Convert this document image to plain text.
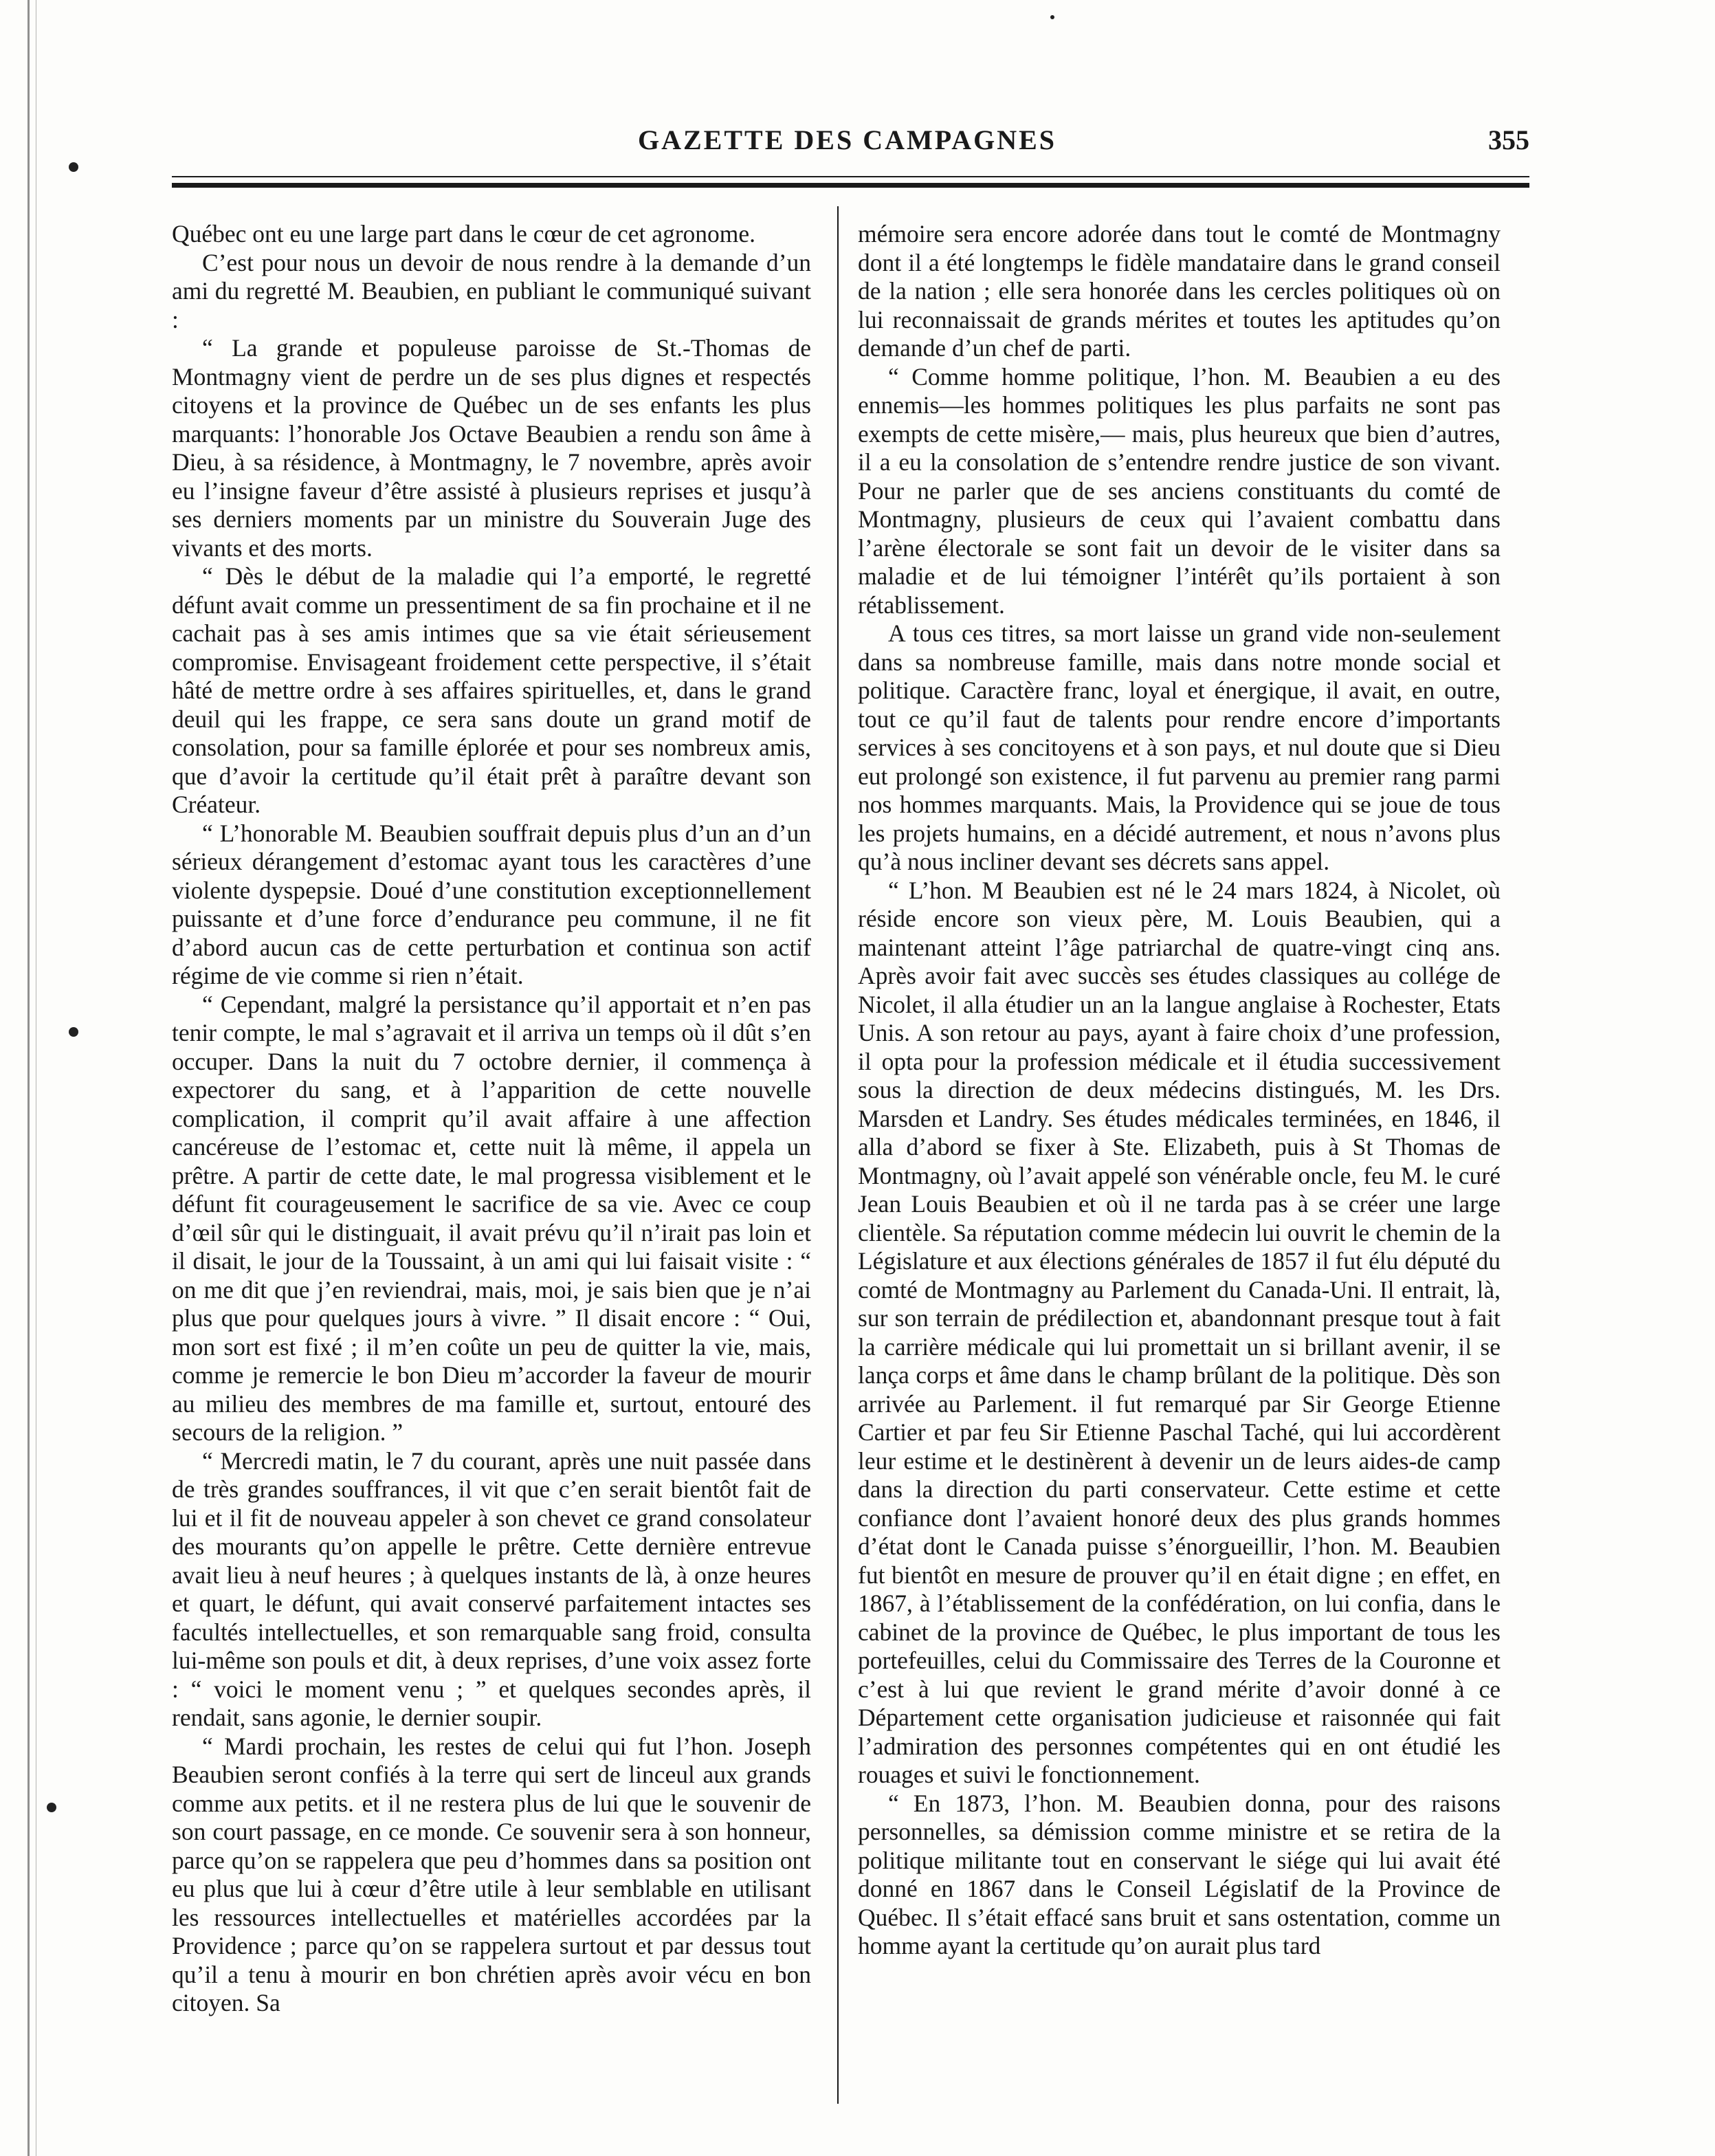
GAZETTE DES CAMPAGNES	355

Québec ont eu une large part dans le cœur de cet agronome.

C’est pour nous un devoir de nous rendre à la demande d’un ami du regretté M. Beaubien, en publiant le communiqué suivant :

“ La grande et populeuse paroisse de St.-Thomas de Montmagny vient de perdre un de ses plus dignes et respectés citoyens et la province de Québec un de ses enfants les plus marquants: l’honorable Jos Octave Beaubien a rendu son âme à Dieu, à sa résidence, à Montmagny, le 7 novembre, après avoir eu l’insigne faveur d’être assisté à plusieurs reprises et jusqu’à ses derniers moments par un ministre du Souverain Juge des vivants et des morts.

“ Dès le début de la maladie qui l’a emporté, le regretté défunt avait comme un pressentiment de sa fin prochaine et il ne cachait pas à ses amis intimes que sa vie était sérieusement compromise. Envisageant froidement cette perspective, il s’était hâté de mettre ordre à ses affaires spirituelles, et, dans le grand deuil qui les frappe, ce sera sans doute un grand motif de consolation, pour sa famille éplorée et pour ses nombreux amis, que d’avoir la certitude qu’il était prêt à paraître devant son Créateur.

“ L’honorable M. Beaubien souffrait depuis plus d’un an d’un sérieux dérangement d’estomac ayant tous les caractères d’une violente dyspepsie. Doué d’une constitution exceptionnellement puissante et d’une force d’endurance peu commune, il ne fit d’abord aucun cas de cette perturbation et continua son actif régime de vie comme si rien n’était.

“ Cependant, malgré la persistance qu’il apportait et n’en pas tenir compte, le mal s’agravait et il arriva un temps où il dût s’en occuper. Dans la nuit du 7 octobre dernier, il commença à expectorer du sang, et à l’apparition de cette nouvelle complication, il comprit qu’il avait affaire à une affection cancéreuse de l’estomac et, cette nuit là même, il appela un prêtre. A partir de cette date, le mal progressa visiblement et le défunt fit courageusement le sacrifice de sa vie. Avec ce coup d’œil sûr qui le distinguait, il avait prévu qu’il n’irait pas loin et il disait, le jour de la Toussaint, à un ami qui lui faisait visite : “ on me dit que j’en reviendrai, mais, moi, je sais bien que je n’ai plus que pour quelques jours à vivre. ” Il disait encore : “ Oui, mon sort est fixé ; il m’en coûte un peu de quitter la vie, mais, comme je remercie le bon Dieu m’accorder la faveur de mourir au milieu des membres de ma famille et, surtout, entouré des secours de la religion. ”

“ Mercredi matin, le 7 du courant, après une nuit passée dans de très grandes souffrances, il vit que c’en serait bientôt fait de lui et il fit de nouveau appeler à son chevet ce grand consolateur des mourants qu’on appelle le prêtre. Cette dernière entrevue avait lieu à neuf heures ; à quelques instants de là, à onze heures et quart, le défunt, qui avait conservé parfaitement intactes ses facultés intellectuelles, et son remarquable sang froid, consulta lui-même son pouls et dit, à deux reprises, d’une voix assez forte : “ voici le moment venu ; ” et quelques secondes après, il rendait, sans agonie, le dernier soupir.

“ Mardi prochain, les restes de celui qui fut l’hon. Joseph Beaubien seront confiés à la terre qui sert de linceul aux grands comme aux petits. et il ne restera plus de lui que le souvenir de son court passage, en ce monde. Ce souvenir sera à son honneur, parce qu’on se rappelera que peu d’hommes dans sa position ont eu plus que lui à cœur d’être utile à leur semblable en utilisant les ressources intellectuelles et matérielles accordées par la Providence ; parce qu’on se rappelera surtout et par dessus tout qu’il a tenu à mourir en bon chrétien après avoir vécu en bon citoyen. Sa

mémoire sera encore adorée dans tout le comté de Montmagny dont il a été longtemps le fidèle mandataire dans le grand conseil de la nation ; elle sera honorée dans les cercles politiques où on lui reconnaissait de grands mérites et toutes les aptitudes qu’on demande d’un chef de parti.

“ Comme homme politique, l’hon. M. Beaubien a eu des ennemis—les hommes politiques les plus parfaits ne sont pas exempts de cette misère,— mais, plus heureux que bien d’autres, il a eu la consolation de s’entendre rendre justice de son vivant. Pour ne parler que de ses anciens constituants du comté de Montmagny, plusieurs de ceux qui l’avaient combattu dans l’arène électorale se sont fait un devoir de le visiter dans sa maladie et de lui témoigner l’intérêt qu’ils portaient à son rétablissement.

A tous ces titres, sa mort laisse un grand vide non-seulement dans sa nombreuse famille, mais dans notre monde social et politique. Caractère franc, loyal et énergique, il avait, en outre, tout ce qu’il faut de talents pour rendre encore d’importants services à ses concitoyens et à son pays, et nul doute que si Dieu eut prolongé son existence, il fut parvenu au premier rang parmi nos hommes marquants. Mais, la Providence qui se joue de tous les projets humains, en a décidé autrement, et nous n’avons plus qu’à nous incliner devant ses décrets sans appel.

“ L’hon. M Beaubien est né le 24 mars 1824, à Nicolet, où réside encore son vieux père, M. Louis Beaubien, qui a maintenant atteint l’âge patriarchal de quatre-vingt cinq ans. Après avoir fait avec succès ses études classiques au collége de Nicolet, il alla étudier un an la langue anglaise à Rochester, Etats Unis. A son retour au pays, ayant à faire choix d’une profession, il opta pour la profession médicale et il étudia successivement sous la direction de deux médecins distingués, M. les Drs. Marsden et Landry. Ses études médicales terminées, en 1846, il alla d’abord se fixer à Ste. Elizabeth, puis à St Thomas de Montmagny, où l’avait appelé son vénérable oncle, feu M. le curé Jean Louis Beaubien et où il ne tarda pas à se créer une large clientèle. Sa réputation comme médecin lui ouvrit le chemin de la Législature et aux élections générales de 1857 il fut élu député du comté de Montmagny au Parlement du Canada-Uni. Il entrait, là, sur son terrain de prédilection et, abandonnant presque tout à fait la carrière médicale qui lui promettait un si brillant avenir, il se lança corps et âme dans le champ brûlant de la politique. Dès son arrivée au Parlement. il fut remarqué par Sir George Etienne Cartier et par feu Sir Etienne Paschal Taché, qui lui accordèrent leur estime et le destinèrent à devenir un de leurs aides-de camp dans la direction du parti conservateur. Cette estime et cette confiance dont l’avaient honoré deux des plus grands hommes d’état dont le Canada puisse s’énorgueillir, l’hon. M. Beaubien fut bientôt en mesure de prouver qu’il en était digne ; en effet, en 1867, à l’établissement de la confédération, on lui confia, dans le cabinet de la province de Québec, le plus important de tous les portefeuilles, celui du Commissaire des Terres de la Couronne et c’est à lui que revient le grand mérite d’avoir donné à ce Département cette organisation judicieuse et raisonnée qui fait l’admiration des personnes compétentes qui en ont étudié les rouages et suivi le fonctionnement.

“ En 1873, l’hon. M. Beaubien donna, pour des raisons personnelles, sa démission comme ministre et se retira de la politique militante tout en conservant le siége qui lui avait été donné en 1867 dans le Conseil Législatif de la Province de Québec. Il s’était effacé sans bruit et sans ostentation, comme un homme ayant la certitude qu’on aurait plus tard
